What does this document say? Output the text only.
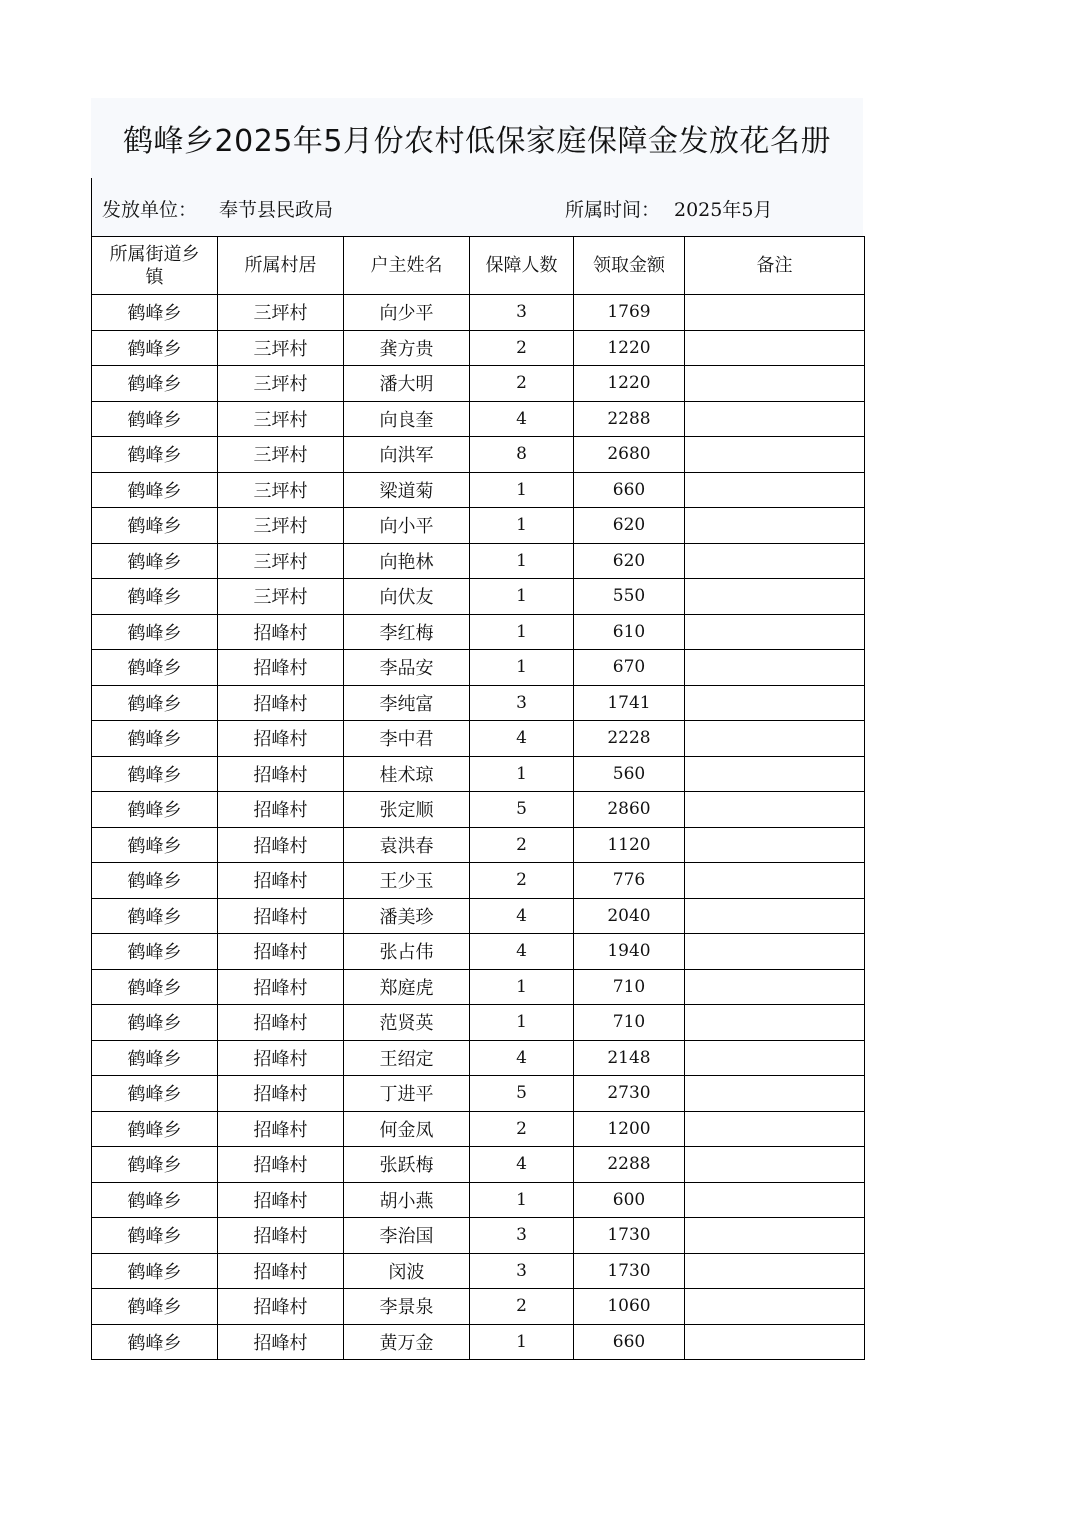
鹤峰乡2025年5月份农村低保家庭保障金发放花名册
发放单位： 奉节县民政局	所属时间： 2025年5月
所属街道乡镇	所属村居	户主姓名	保障人数	领取金额	备注
鹤峰乡	三坪村	向少平	3	1769	
鹤峰乡	三坪村	龚方贵	2	1220	
鹤峰乡	三坪村	潘大明	2	1220	
鹤峰乡	三坪村	向良奎	4	2288	
鹤峰乡	三坪村	向洪军	8	2680	
鹤峰乡	三坪村	梁道菊	1	660	
鹤峰乡	三坪村	向小平	1	620	
鹤峰乡	三坪村	向艳林	1	620	
鹤峰乡	三坪村	向伏友	1	550	
鹤峰乡	招峰村	李红梅	1	610	
鹤峰乡	招峰村	李品安	1	670	
鹤峰乡	招峰村	李纯富	3	1741	
鹤峰乡	招峰村	李中君	4	2228	
鹤峰乡	招峰村	桂术琼	1	560	
鹤峰乡	招峰村	张定顺	5	2860	
鹤峰乡	招峰村	袁洪春	2	1120	
鹤峰乡	招峰村	王少玉	2	776	
鹤峰乡	招峰村	潘美珍	4	2040	
鹤峰乡	招峰村	张占伟	4	1940	
鹤峰乡	招峰村	郑庭虎	1	710	
鹤峰乡	招峰村	范贤英	1	710	
鹤峰乡	招峰村	王绍定	4	2148	
鹤峰乡	招峰村	丁进平	5	2730	
鹤峰乡	招峰村	何金凤	2	1200	
鹤峰乡	招峰村	张跃梅	4	2288	
鹤峰乡	招峰村	胡小燕	1	600	
鹤峰乡	招峰村	李治国	3	1730	
鹤峰乡	招峰村	闵波	3	1730	
鹤峰乡	招峰村	李景泉	2	1060	
鹤峰乡	招峰村	黄万金	1	660	
